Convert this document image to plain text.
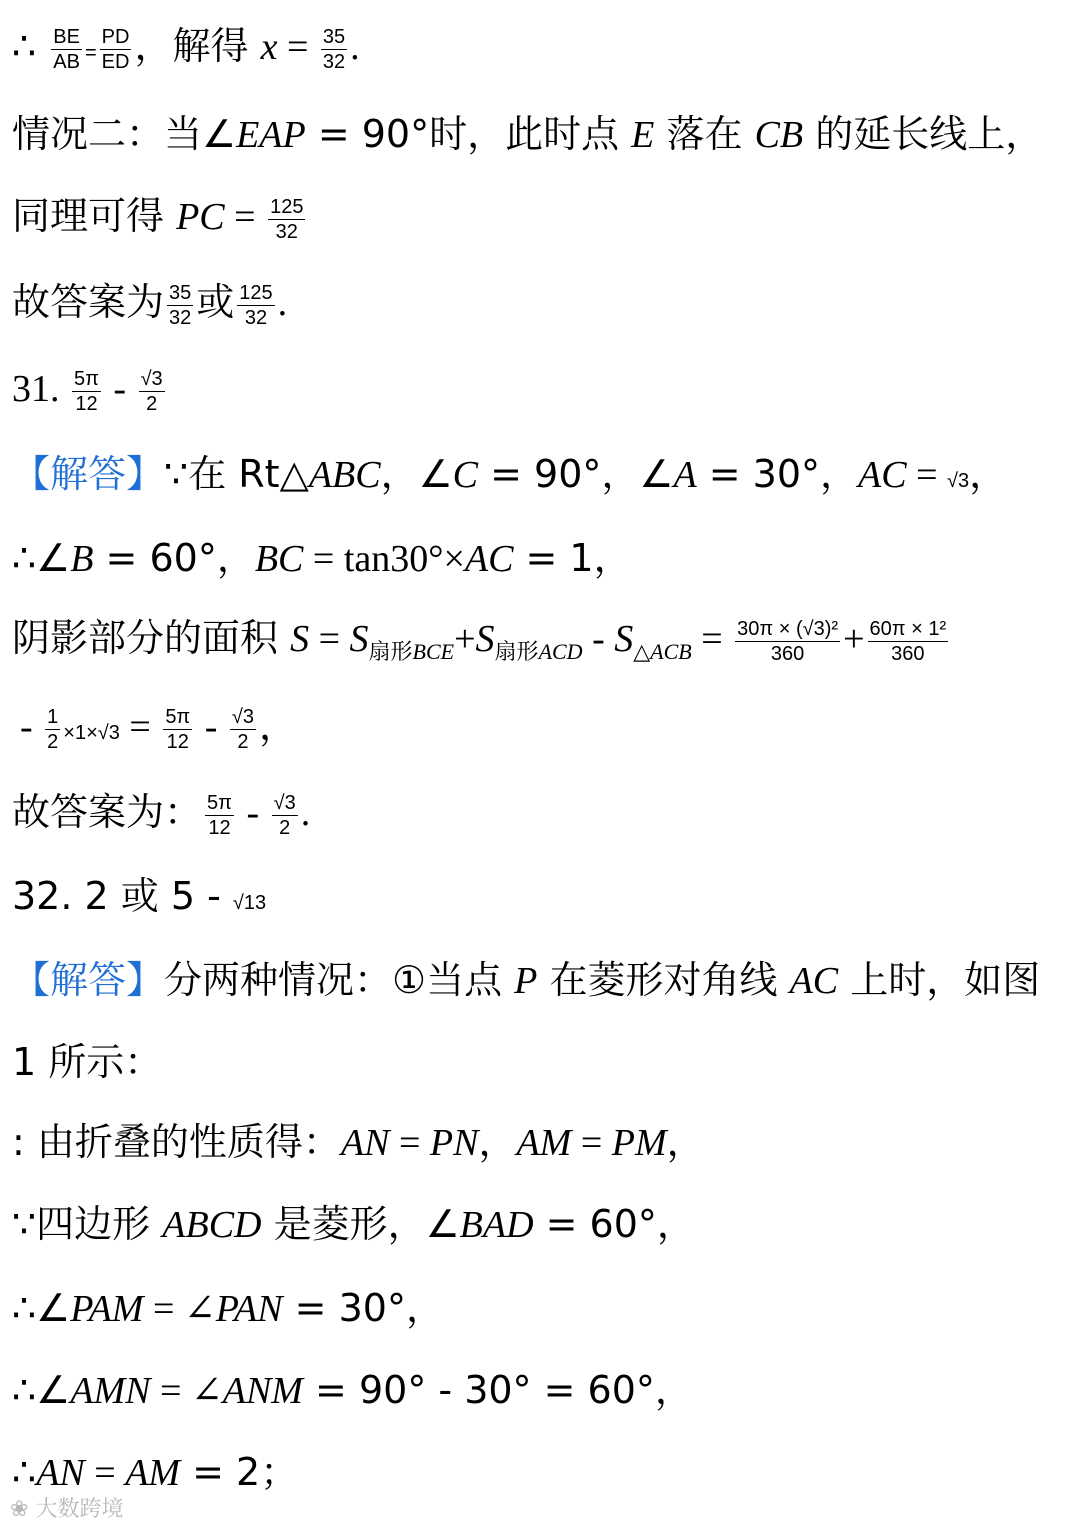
∴ $\frac{BE}{AB} = \frac{PD}{ED}$ ，解得 $x = \frac{35}{32}$ .
情况二：当∠EAP = 90°时，此时点 E 落在 CB 的延长线上，
同理可得 PC = $\frac{125}{32}$
故答案为 $\frac{35}{32}$ 或 $\frac{125}{32}$ .
31. $\frac{5\pi}{12} - \frac{√3}{2}$
【解答】∵在 Rt△ABC，∠C = 90°，∠A = 30°，AC = √3，
∴∠B = 60°，BC = tan30°×AC = 1，
阴影部分的面积 $S = S_{扇形BCE}+S_{扇形ACD} - S_{\triangle ACB} = \frac{\text{30π × (√3)²}}{360} + \frac{\text{60π × 1²}}{360}$
- $\frac{1}{2} \times 1\times√3 = \frac{5\pi}{12} - \frac{√3}{2}$ ，
故答案为： $\frac{5\pi}{12} - \frac{√3}{2}$ .
32. 2 或 5 - √13
【解答】分两种情况：①当点 P 在菱形对角线 AC 上时，如图
1 所示：
: 由折叠的性质得：AN = PN，AM = PM，
∵四边形 ABCD 是菱形，∠BAD = 60°，
∴∠PAM = ∠PAN = 30°，
∴∠AMN = ∠ANM = 90° - 30° = 60°，
∴AN = AM = 2；
❀ 大数跨境
